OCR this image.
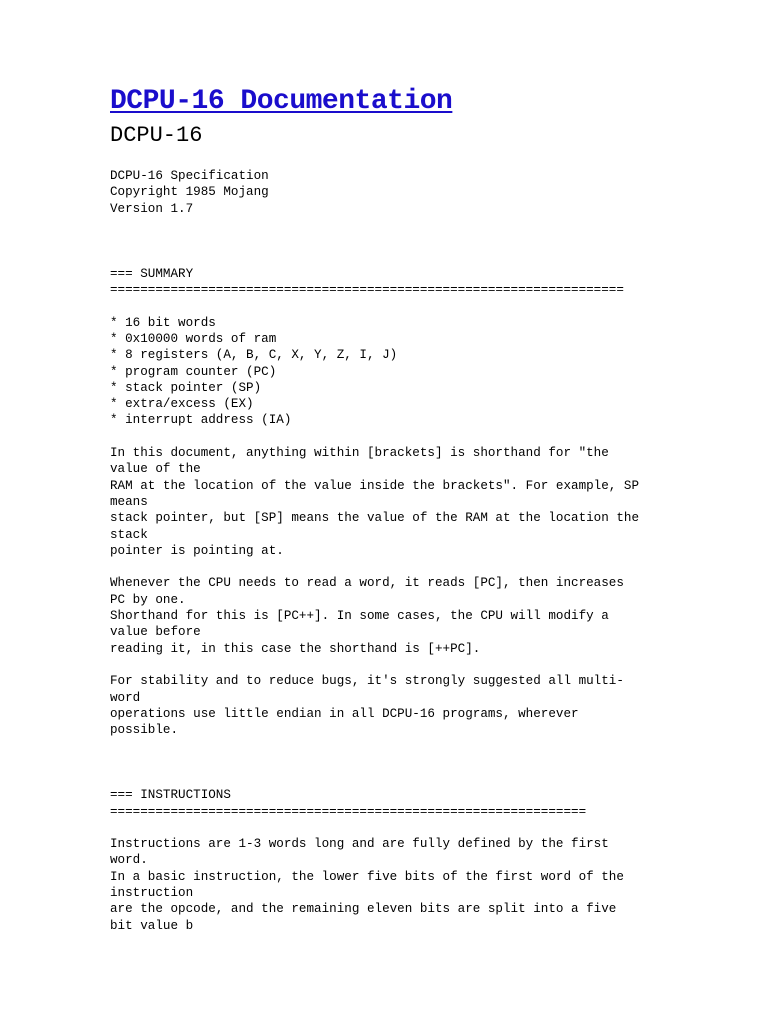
DCPU-16 Documentation
DCPU-16
DCPU-16 Specification
Copyright 1985 Mojang
Version 1.7
=== SUMMARY
====================================================================
* 16 bit words
* 0x10000 words of ram
* 8 registers (A, B, C, X, Y, Z, I, J)
* program counter (PC)
* stack pointer (SP)
* extra/excess (EX)
* interrupt address (IA)
In this document, anything within [brackets] is shorthand for "the
value of the
RAM at the location of the value inside the brackets". For example, SP
means
stack pointer, but [SP] means the value of the RAM at the location the
stack
pointer is pointing at.
Whenever the CPU needs to read a word, it reads [PC], then increases
PC by one.
Shorthand for this is [PC++]. In some cases, the CPU will modify a
value before
reading it, in this case the shorthand is [++PC].
For stability and to reduce bugs, it's strongly suggested all multi-
word
operations use little endian in all DCPU-16 programs, wherever
possible.
=== INSTRUCTIONS
===============================================================
Instructions are 1-3 words long and are fully defined by the first
word.
In a basic instruction, the lower five bits of the first word of the
instruction
are the opcode, and the remaining eleven bits are split into a five
bit value b
